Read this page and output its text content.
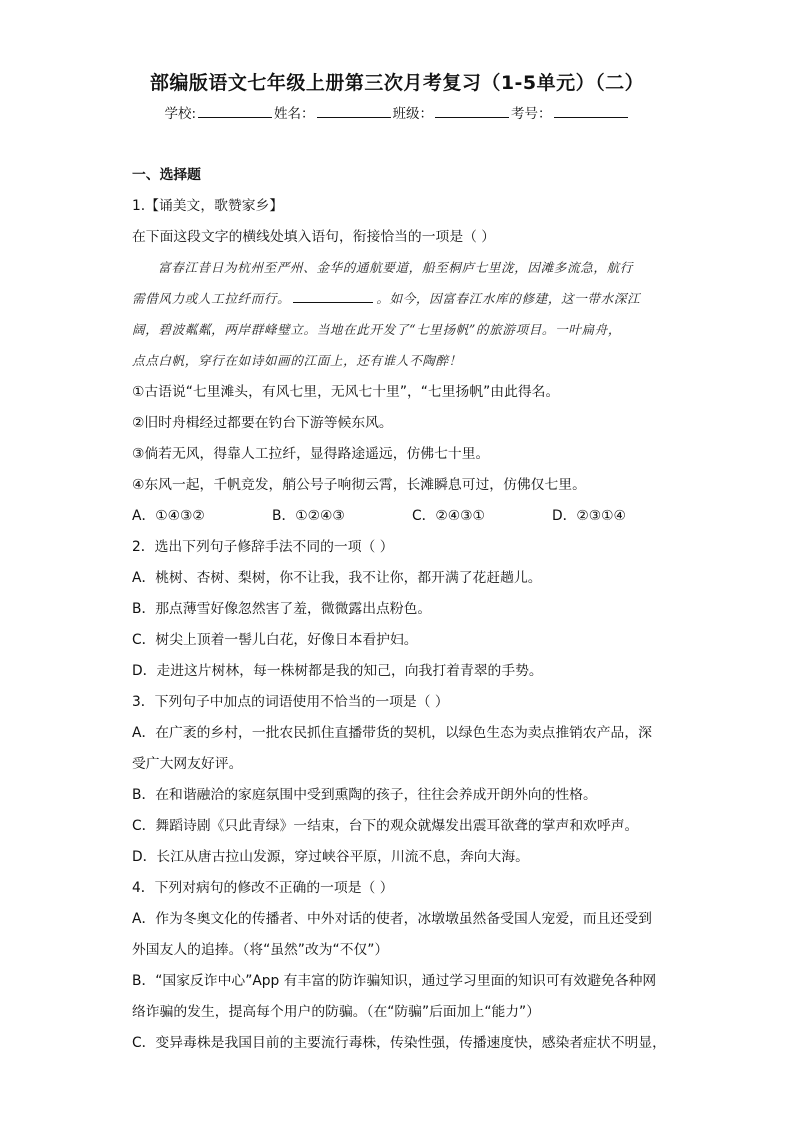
部编版语文七年级上册第三次月考复习（1-5单元）（二）
学校:	姓名：	班级：	考号：
一、选择题
1.【诵美文，歌赞家乡】
在下面这段文字的横线处填入语句，衔接恰当的一项是（ ）
富春江昔日为杭州至严州、金华的通航要道，船至桐庐七里泷，因滩多流急，航行
需借风力或人工拉纤而行。	。如今，因富春江水库的修建，这一带水深江
阔，碧波粼粼，两岸群峰璧立。当地在此开发了“七里扬帆”的旅游项目。一叶扁舟，
点点白帆，穿行在如诗如画的江面上，还有谁人不陶醉！
①古语说“七里滩头，有风七里，无风七十里”，“七里扬帆”由此得名。
②旧时舟楫经过都要在钓台下游等候东风。
③倘若无风，得靠人工拉纤，显得路途遥远，仿佛七十里。
④东风一起，千帆竞发，艄公号子响彻云霄，长滩瞬息可过，仿佛仅七里。
A．①④③②	B．①②④③	C．②④③①	D．②③①④
2．选出下列句子修辞手法不同的一项（ ）
A．桃树、杏树、梨树，你不让我，我不让你，都开满了花赶趟儿。
B．那点薄雪好像忽然害了羞，微微露出点粉色。
C．树尖上顶着一髻儿白花，好像日本看护妇。
D．走进这片树林，每一株树都是我的知己，向我打着青翠的手势。
3．下列句子中加点的词语使用不恰当的一项是（ ）
A．在广袤的乡村，一批农民抓住直播带货的契机，以绿色生态为卖点推销农产品，深
受广大网友好评。
B．在和谐融洽的家庭氛围中受到熏陶的孩子，往往会养成开朗外向的性格。
C．舞蹈诗剧《只此青绿》一结束，台下的观众就爆发出震耳欲聋的掌声和欢呼声。
D．长江从唐古拉山发源，穿过峡谷平原，川流不息，奔向大海。
4．下列对病句的修改不正确的一项是（ ）
A．作为冬奥文化的传播者、中外对话的使者，冰墩墩虽然备受国人宠爱，而且还受到
外国友人的追捧。（将“虽然”改为“不仅”）
B．“国家反诈中心”App 有丰富的防诈骗知识，通过学习里面的知识可有效避免各种网
络诈骗的发生，提高每个用户的防骗。（在“防骗”后面加上“能力”）
C．变异毒株是我国目前的主要流行毒株，传染性强，传播速度快，感染者症状不明显，
